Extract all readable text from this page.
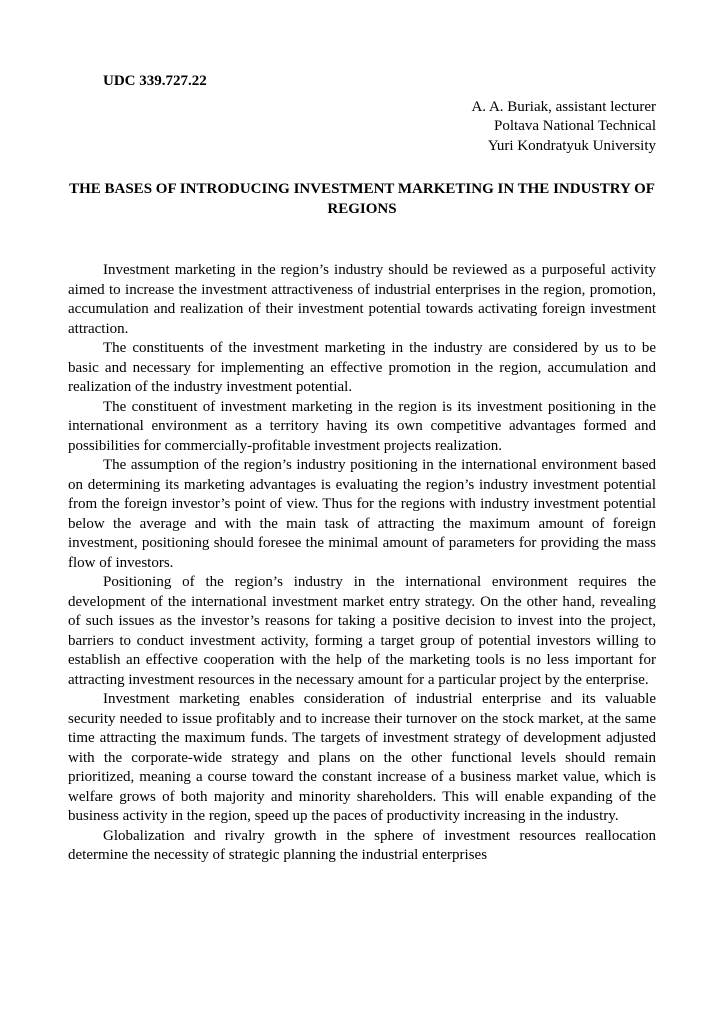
UDC 339.727.22
A. A. Buriak, assistant lecturer
Poltava National Technical
Yuri Kondratyuk University
THE BASES OF INTRODUCING INVESTMENT MARKETING IN THE INDUSTRY OF REGIONS

Investment marketing in the region’s industry should be reviewed as a purposeful activity aimed to increase the investment attractiveness of industrial enterprises in the region, promotion, accumulation and realization of their investment potential towards activating foreign investment attraction.

The constituents of the investment marketing in the industry are considered by us to be basic and necessary for implementing an effective promotion in the region, accumulation and realization of the industry investment potential.

The constituent of investment marketing in the region is its investment positioning in the international environment as a territory having its own competitive advantages formed and possibilities for commercially-profitable investment projects realization.

The assumption of the region’s industry positioning in the international environment based on determining its marketing advantages is evaluating the region’s industry investment potential from the foreign investor’s point of view. Thus for the regions with industry investment potential below the average and with the main task of attracting the maximum amount of foreign investment, positioning should foresee the minimal amount of parameters for providing the mass flow of investors.

Positioning of the region’s industry in the international environment requires the development of the international investment market entry strategy. On the other hand, revealing of such issues as the investor’s reasons for taking a positive decision to invest into the project, barriers to conduct investment activity, forming a target group of potential investors willing to establish an effective cooperation with the help of the marketing tools is no less important for attracting investment resources in the necessary amount for a particular project by the enterprise.

Investment marketing enables consideration of industrial enterprise and its valuable security needed to issue profitably and to increase their turnover on the stock market, at the same time attracting the maximum funds. The targets of investment strategy of development adjusted with the corporate-wide strategy and plans on the other functional levels should remain prioritized, meaning a course toward the constant increase of a business market value, which is welfare grows of both majority and minority shareholders. This will enable expanding of the business activity in the region, speed up the paces of productivity increasing in the industry.

Globalization and rivalry growth in the sphere of investment resources reallocation determine the necessity of strategic planning the industrial enterprises
